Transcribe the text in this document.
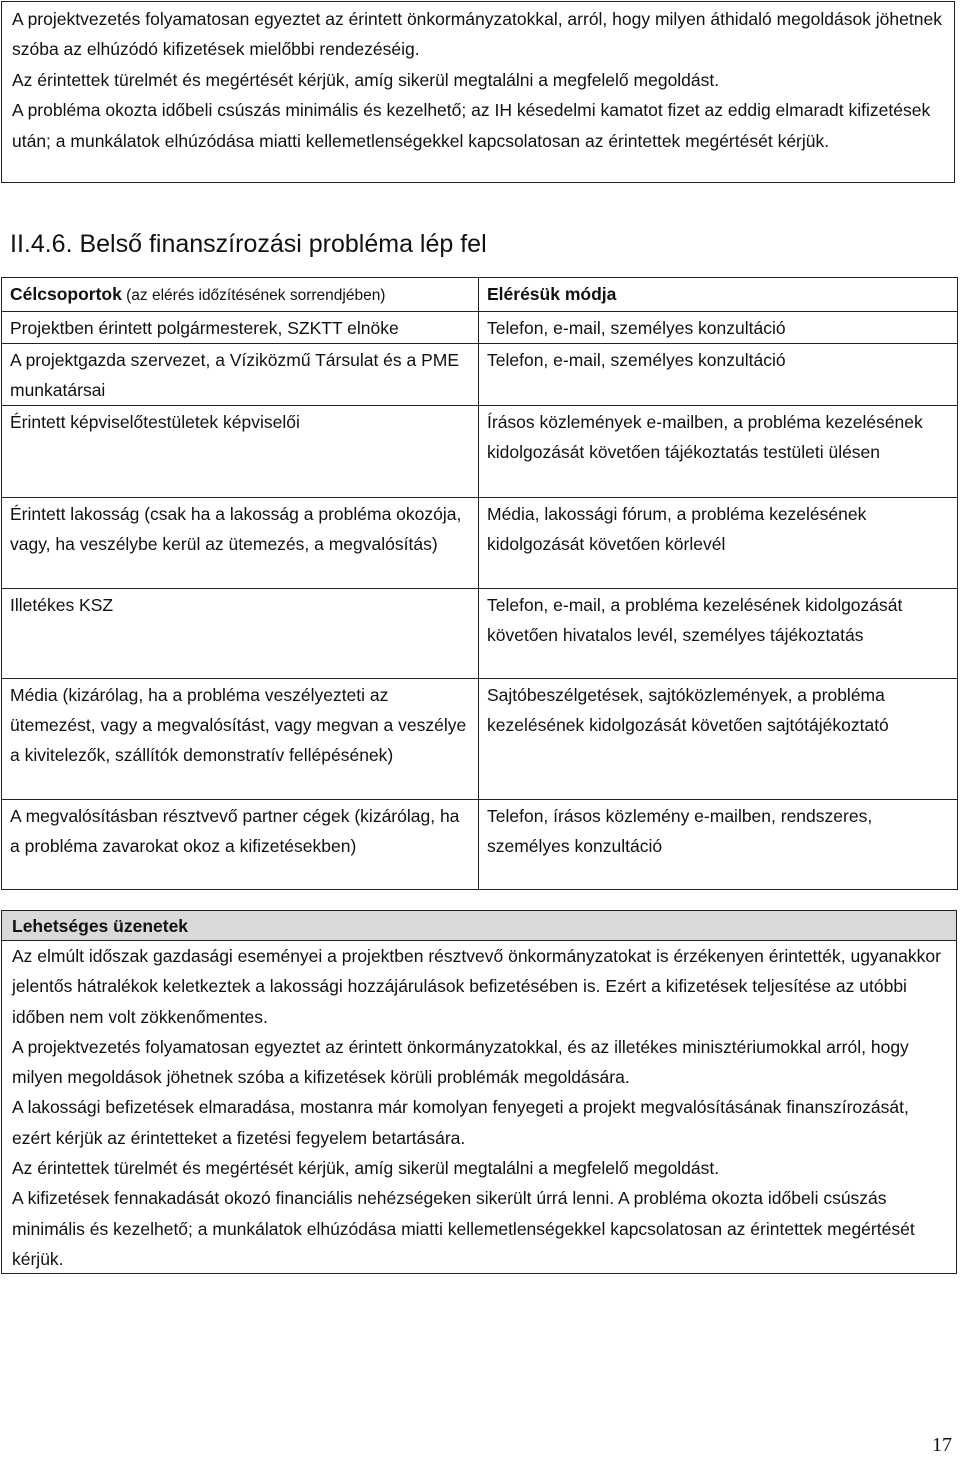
A projektvezetés folyamatosan egyeztet az érintett önkormányzatokkal, arról, hogy milyen áthidaló megoldások jöhetnek szóba az elhúzódó kifizetések mielőbbi rendezéséig.

Az érintettek türelmét és megértését kérjük, amíg sikerül megtalálni a megfelelő megoldást.

A probléma okozta időbeli csúszás minimális és kezelhető; az IH késedelmi kamatot fizet az eddig elmaradt kifizetések után; a munkálatok elhúzódása miatti kellemetlenségekkel kapcsolatosan az érintettek megértését kérjük.

II.4.6. Belső finanszírozási probléma lép fel
Célcsoportok (az elérés időzítésének sorrendjében)	Elérésük módja
Projektben érintett polgármesterek, SZKTT elnöke	Telefon, e-mail, személyes konzultáció
A projektgazda szervezet, a Víziközmű Társulat és a PME munkatársai	Telefon, e-mail, személyes konzultáció
Érintett képviselőtestületek képviselői	Írásos közlemények e-mailben, a probléma kezelésének kidolgozását követően tájékoztatás testületi ülésen
Érintett lakosság (csak ha a lakosság a probléma okozója, vagy, ha veszélybe kerül az ütemezés, a megvalósítás)	Média, lakossági fórum, a probléma kezelésének kidolgozását követően körlevél
Illetékes KSZ	Telefon, e-mail, a probléma kezelésének kidolgozását követően hivatalos levél, személyes tájékoztatás
Média (kizárólag, ha a probléma veszélyezteti az ütemezést, vagy a megvalósítást, vagy megvan a veszélye a kivitelezők, szállítók demonstratív fellépésének)	Sajtóbeszélgetések, sajtóközlemények, a probléma kezelésének kidolgozását követően sajtótájékoztató
A megvalósításban résztvevő partner cégek (kizárólag, ha a probléma zavarokat okoz a kifizetésekben)	Telefon, írásos közlemény e-mailben, rendszeres, személyes konzultáció
Lehetséges üzenetek

Az elmúlt időszak gazdasági eseményei a projektben résztvevő önkormányzatokat is érzékenyen érintették, ugyanakkor jelentős hátralékok keletkeztek a lakossági hozzájárulások befizetésében is. Ezért a kifizetések teljesítése az utóbbi időben nem volt zökkenőmentes.

A projektvezetés folyamatosan egyeztet az érintett önkormányzatokkal, és az illetékes minisztériumokkal arról, hogy milyen megoldások jöhetnek szóba a kifizetések körüli problémák megoldására.

A lakossági befizetések elmaradása, mostanra már komolyan fenyegeti a projekt megvalósításának finanszírozását, ezért kérjük az érintetteket a fizetési fegyelem betartására.

Az érintettek türelmét és megértését kérjük, amíg sikerül megtalálni a megfelelő megoldást.

A kifizetések fennakadását okozó financiális nehézségeken sikerült úrrá lenni. A probléma okozta időbeli csúszás minimális és kezelhető; a munkálatok elhúzódása miatti kellemetlenségekkel kapcsolatosan az érintettek megértését kérjük.

17
